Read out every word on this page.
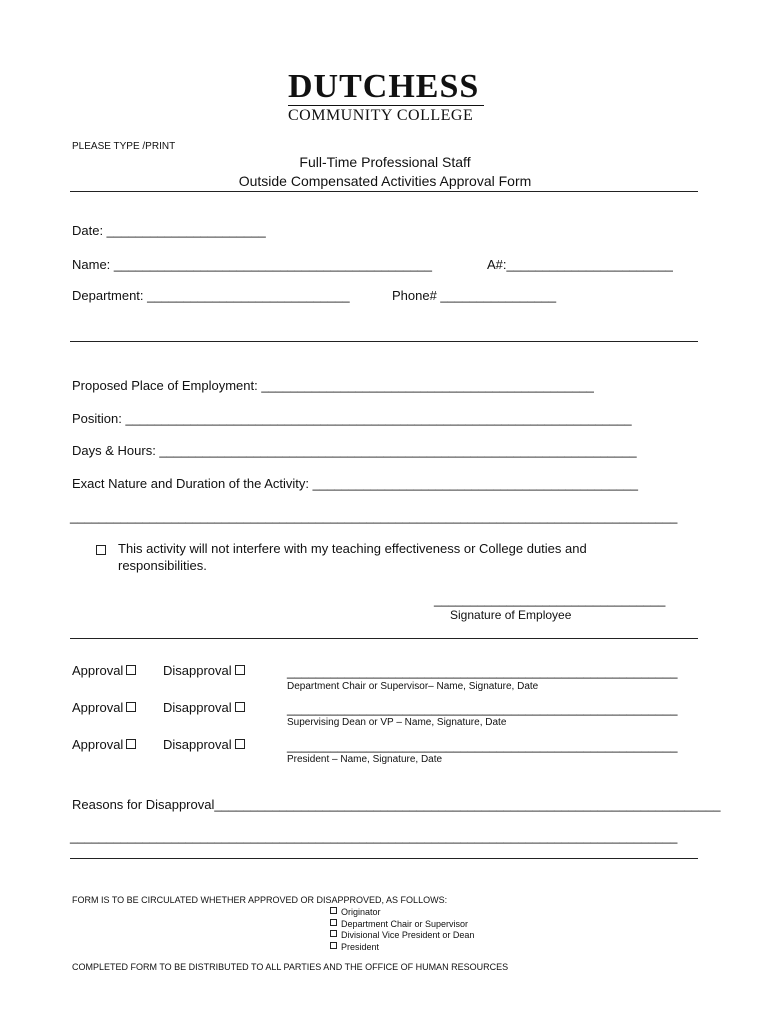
DUTCHESS
COMMUNITY COLLEGE
PLEASE TYPE /PRINT
Full-Time Professional Staff
Outside Compensated Activities Approval Form
Date: ______________________
Name: ____________________________________________	A#:_______________________
Department: ____________________________	Phone# ________________
Proposed Place of Employment: ______________________________________________
Position: ______________________________________________________________________
Days & Hours: __________________________________________________________________
Exact Nature and Duration of the Activity: _____________________________________________
____________________________________________________________________________________
This activity will not interfere with my teaching effectiveness or College duties and
responsibilities.
________________________________
Signature of Employee
Approval	Disapproval	______________________________________________________
Department Chair or Supervisor– Name, Signature, Date
Approval	Disapproval	______________________________________________________
Supervising Dean or VP – Name, Signature, Date
Approval	Disapproval	______________________________________________________
President – Name, Signature, Date
Reasons for Disapproval______________________________________________________________________
____________________________________________________________________________________
FORM IS TO BE CIRCULATED WHETHER APPROVED OR DISAPPROVED, AS FOLLOWS:
Originator
Department Chair or Supervisor
Divisional Vice President or Dean
President
COMPLETED FORM TO BE DISTRIBUTED TO ALL PARTIES AND THE OFFICE OF HUMAN RESOURCES
